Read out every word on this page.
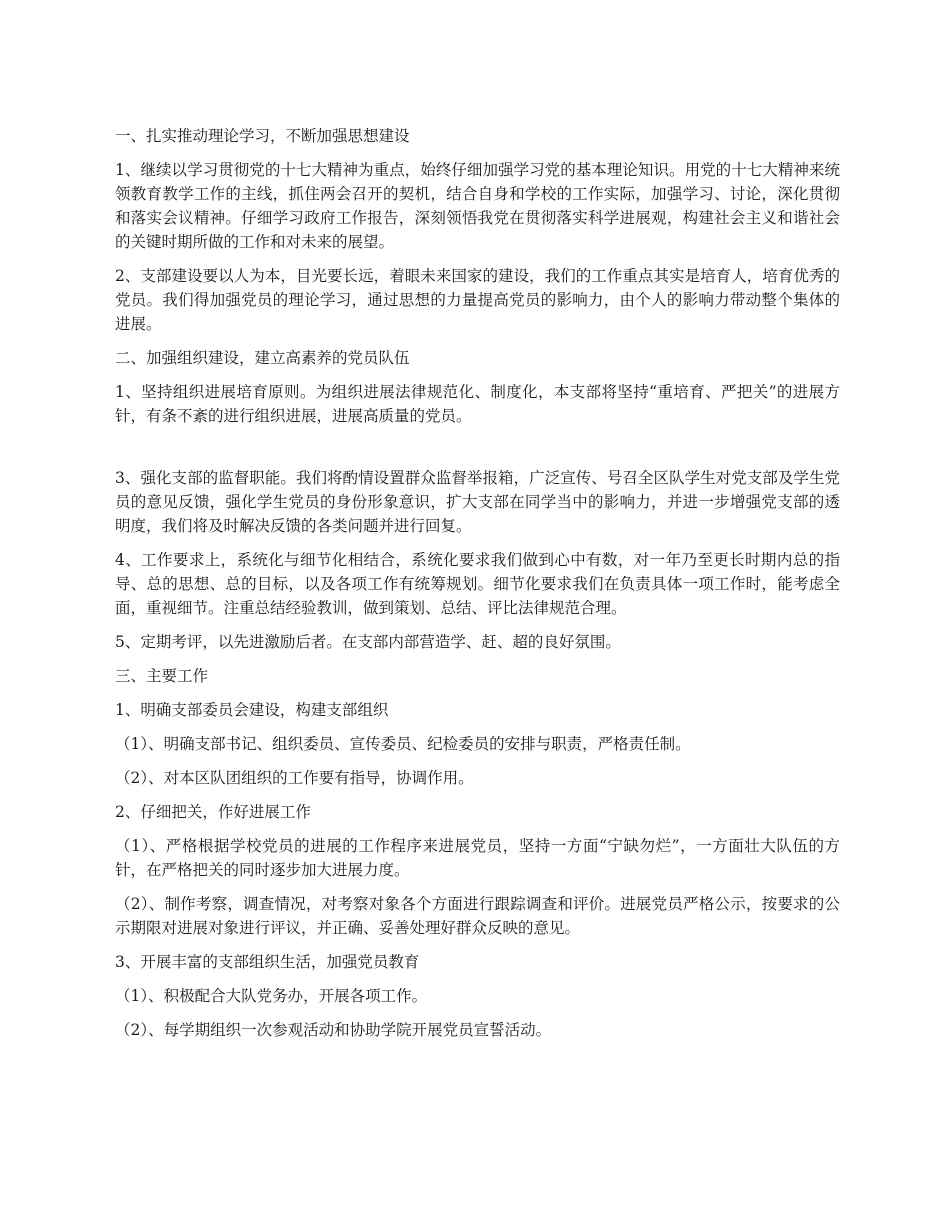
一、扎实推动理论学习，不断加强思想建设

1、继续以学习贯彻党的十七大精神为重点，始终仔细加强学习党的基本理论知识。用党的十七大精神来统领教育教学工作的主线，抓住两会召开的契机，结合自身和学校的工作实际，加强学习、讨论，深化贯彻和落实会议精神。仔细学习政府工作报告，深刻领悟我党在贯彻落实科学进展观，构建社会主义和谐社会的关键时期所做的工作和对未来的展望。

2、支部建设要以人为本，目光要长远，着眼未来国家的建设，我们的工作重点其实是培育人，培育优秀的党员。我们得加强党员的理论学习，通过思想的力量提高党员的影响力，由个人的影响力带动整个集体的进展。

二、加强组织建设，建立高素养的党员队伍

1、坚持组织进展培育原则。为组织进展法律规范化、制度化，本支部将坚持“重培育、严把关”的进展方针，有条不紊的进行组织进展，进展高质量的党员。

3、强化支部的监督职能。我们将酌情设置群众监督举报箱，广泛宣传、号召全区队学生对党支部及学生党员的意见反馈，强化学生党员的身份形象意识，扩大支部在同学当中的影响力，并进一步增强党支部的透明度，我们将及时解决反馈的各类问题并进行回复。

4、工作要求上，系统化与细节化相结合，系统化要求我们做到心中有数，对一年乃至更长时期内总的指导、总的思想、总的目标，以及各项工作有统筹规划。细节化要求我们在负责具体一项工作时，能考虑全面，重视细节。注重总结经验教训，做到策划、总结、评比法律规范合理。

5、定期考评，以先进激励后者。在支部内部营造学、赶、超的良好氛围。

三、主要工作

1、明确支部委员会建设，构建支部组织

（1）、明确支部书记、组织委员、宣传委员、纪检委员的安排与职责，严格责任制。

（2）、对本区队团组织的工作要有指导，协调作用。

2、仔细把关，作好进展工作

（1）、严格根据学校党员的进展的工作程序来进展党员，坚持一方面“宁缺勿烂”，一方面壮大队伍的方针，在严格把关的同时逐步加大进展力度。

（2）、制作考察，调查情况，对考察对象各个方面进行跟踪调查和评价。进展党员严格公示，按要求的公示期限对进展对象进行评议，并正确、妥善处理好群众反映的意见。

3、开展丰富的支部组织生活，加强党员教育

（1）、积极配合大队党务办，开展各项工作。

（2）、每学期组织一次参观活动和协助学院开展党员宣誓活动。
